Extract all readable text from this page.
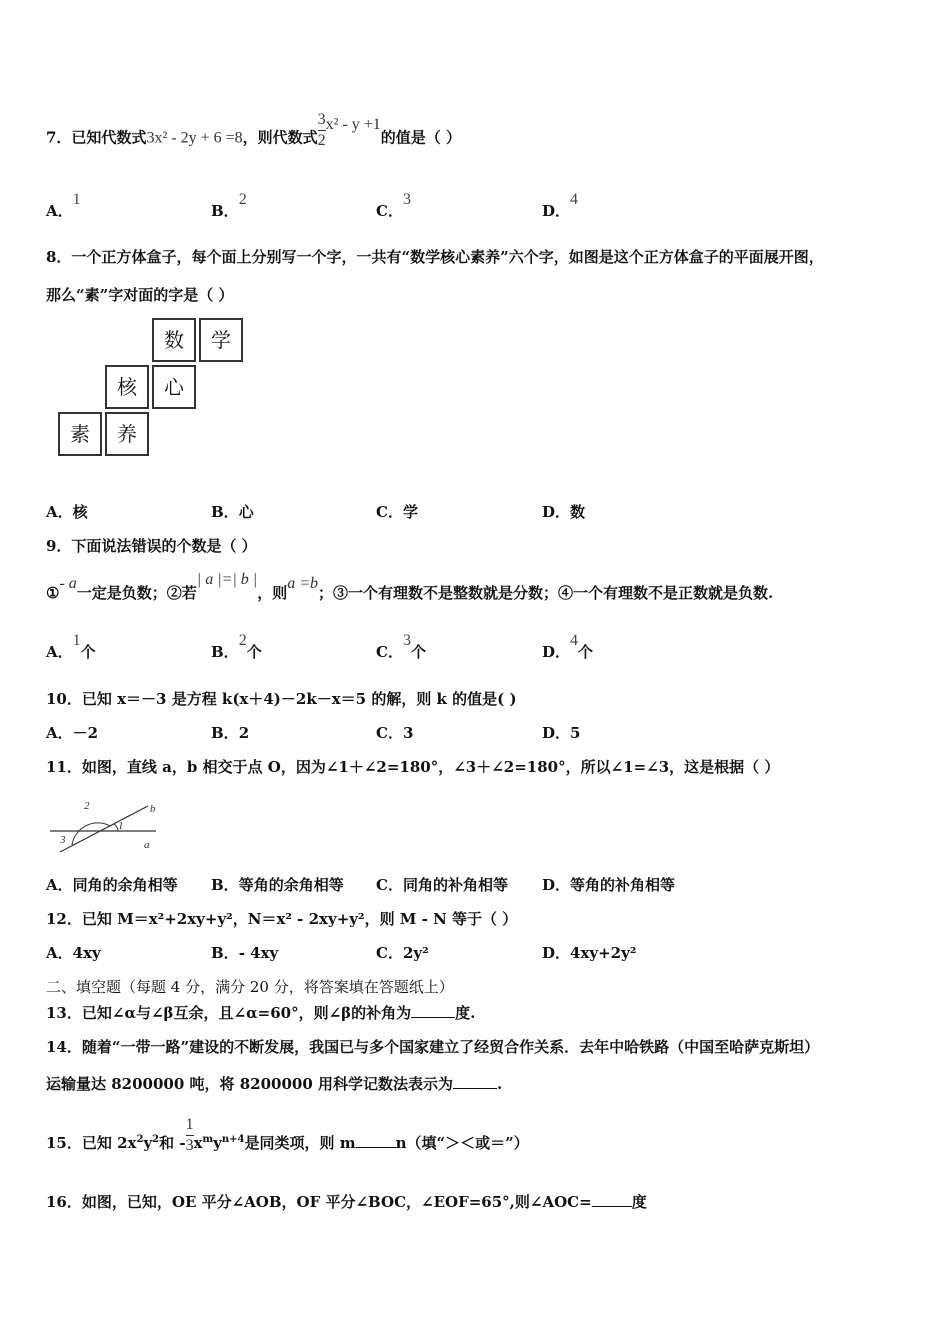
7．已知代数式3x² - 2y + 6 =8，则代数式 $\frac{3}{2} x^2 - y +1$的值是（ ）
A．1
B．2
C．3
D．4
8．一个正方体盒子，每个面上分别写一个字，一共有“数学核心素养”六个字，如图是这个正方体盒子的平面展开图，
那么“素”字对面的字是（ ）
数	学
核	心
素	养
A．核	B．心	C．学	D．数
9．下面说法错误的个数是（ ）
①- a一定是负数；②若| a |=| b |，则a =b；③一个有理数不是整数就是分数；④一个有理数不是正数就是负数.
A．1个	B．2个	C．3个	D．4个
10．已知 x＝－3 是方程 k(x＋4)－2k－x＝5 的解，则 k 的值是( )
A．－2	B．2	C．3	D．5
11．如图，直线 a，b 相交于点 O，因为∠1＋∠2=180°，∠3＋∠2=180°，所以∠1=∠3，这是根据（ ）
2
1
3
b
a
A．同角的余角相等 B．等角的余角相等 C．同角的补角相等 D．等角的补角相等
12．已知 M＝x²+2xy+y²，N＝x² - 2xy+y²，则 M - N 等于（ ）
A．4xy	B．- 4xy	C．2y²	D．4xy+2y²
二、填空题（每题 4 分，满分 20 分，将答案填在答题纸上）
13．已知∠α与∠β互余，且∠α=60°，则∠β的补角为	度.
14．随着“一带一路”建设的不断发展，我国已与多个国家建立了经贸合作关系．去年中哈铁路（中国至哈萨克斯坦）
运输量达 8200000 吨，将 8200000 用科学记数法表示为	.
15．已知 $2x^2y^2$和 - $\frac{1}{3} x^my^{n+4}$是同类项，则 m	n（填“＞＜或＝”）
16．如图，已知，OE 平分∠AOB，OF 平分∠BOC，∠EOF=65°,则∠AOC=	度
